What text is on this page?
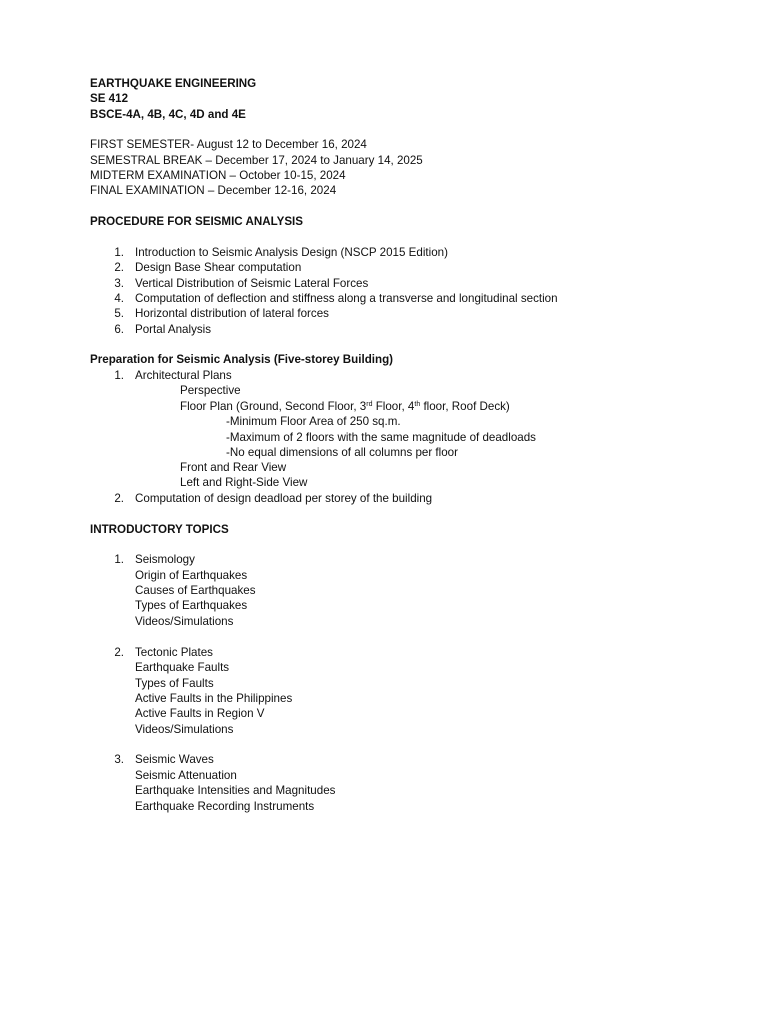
EARTHQUAKE ENGINEERING
SE 412
BSCE-4A, 4B, 4C, 4D and 4E
FIRST SEMESTER- August 12 to December 16, 2024
SEMESTRAL BREAK – December 17, 2024 to January 14, 2025
MIDTERM EXAMINATION – October 10-15, 2024
FINAL EXAMINATION – December 12-16, 2024
PROCEDURE FOR SEISMIC ANALYSIS
1. Introduction to Seismic Analysis Design (NSCP 2015 Edition)
2. Design Base Shear computation
3. Vertical Distribution of Seismic Lateral Forces
4. Computation of deflection and stiffness along a transverse and longitudinal section
5. Horizontal distribution of lateral forces
6. Portal Analysis
Preparation for Seismic Analysis (Five-storey Building)
1. Architectural Plans
Perspective
Floor Plan (Ground, Second Floor, 3rd Floor, 4th floor, Roof Deck)
-Minimum Floor Area of 250 sq.m.
-Maximum of 2 floors with the same magnitude of deadloads
-No equal dimensions of all columns per floor
Front and Rear View
Left and Right-Side View
2. Computation of design deadload per storey of the building
INTRODUCTORY TOPICS
1. Seismology
Origin of Earthquakes
Causes of Earthquakes
Types of Earthquakes
Videos/Simulations
2. Tectonic Plates
Earthquake Faults
Types of Faults
Active Faults in the Philippines
Active Faults in Region V
Videos/Simulations
3. Seismic Waves
Seismic Attenuation
Earthquake Intensities and Magnitudes
Earthquake Recording Instruments
